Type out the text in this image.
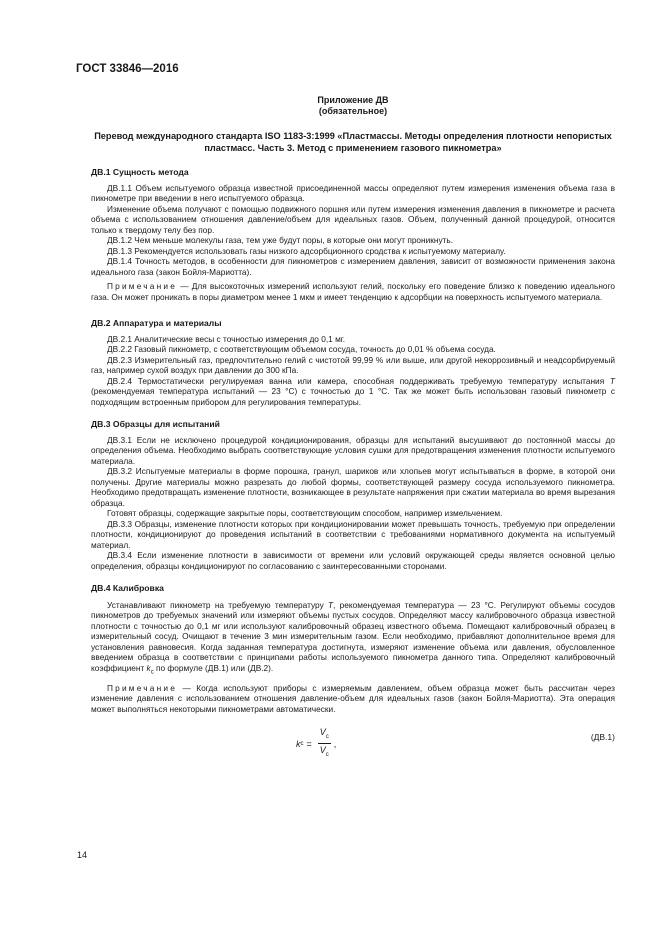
ГОСТ 33846—2016
Приложение ДВ
(обязательное)
Перевод международного стандарта ISO 1183-3:1999 «Пластмассы. Методы определения плотности непористых пластмасс. Часть 3. Метод с применением газового пикнометра»
ДВ.1 Сущность метода

ДВ.1.1 Объем испытуемого образца известной присоединенной массы определяют путем измерения изменения объема газа в пикнометре при введении в него испытуемого образца.

Изменение объема получают с помощью подвижного поршня или путем измерения изменения давления в пикнометре и расчета объема с использованием отношения давление/объем для идеальных газов. Объем, полученный данной процедурой, относится только к твердому телу без пор.

ДВ.1.2 Чем меньше молекулы газа, тем уже будут поры, в которые они могут проникнуть.

ДВ.1.3 Рекомендуется использовать газы низкого адсорбционного сродства к испытуемому материалу.

ДВ.1.4 Точность методов, в особенности для пикнометров с измерением давления, зависит от возможности применения закона идеального газа (закон Бойля-Мариотта).

Примечание — Для высокоточных измерений используют гелий, поскольку его поведение близко к поведению идеального газа. Он может проникать в поры диаметром менее 1 мкм и имеет тенденцию к адсорбции на поверхность испытуемого материала.

ДВ.2 Аппаратура и материалы

ДВ.2.1 Аналитические весы с точностью измерения до 0,1 мг.

ДВ.2.2 Газовый пикнометр, с соответствующим объемом сосуда, точность до 0,01 % объема сосуда.

ДВ.2.3 Измерительный газ, предпочтительно гелий с чистотой 99,99 % или выше, или другой некоррозивный и неадсорбируемый газ, например сухой воздух при давлении до 300 кПа.

ДВ.2.4 Термостатически регулируемая ванна или камера, способная поддерживать требуемую температуру испытания T (рекомендуемая температура испытаний — 23 °С) с точностью до 1 °С. Так же может быть использован газовый пикнометр с подходящим встроенным прибором для регулирования температуры.

ДВ.3 Образцы для испытаний

ДВ.3.1 Если не исключено процедурой кондиционирования, образцы для испытаний высушивают до постоянной массы до определения объема. Необходимо выбрать соответствующие условия сушки для предотвращения изменения плотности испытуемого материала.

ДВ.3.2 Испытуемые материалы в форме порошка, гранул, шариков или хлопьев могут испытываться в форме, в которой они получены. Другие материалы можно разрезать до любой формы, соответствующей размеру сосуда используемого пикнометра. Необходимо предотвращать изменение плотности, возникающее в результате напряжения при сжатии материала во время вырезания образца.

Готовят образцы, содержащие закрытые поры, соответствующим способом, например измельчением.

ДВ.3.3 Образцы, изменение плотности которых при кондиционировании может превышать точность, требуемую при определении плотности, кондиционируют до проведения испытаний в соответствии с требованиями нормативного документа на испытуемый материал.

ДВ.3.4 Если изменение плотности в зависимости от времени или условий окружающей среды является основной целью определения, образцы кондиционируют по согласованию с заинтересованными сторонами.

ДВ.4 Калибровка

Устанавливают пикнометр на требуемую температуру T, рекомендуемая температура — 23 °С. Регулируют объемы сосудов пикнометров до требуемых значений или измеряют объемы пустых сосудов. Определяют массу калибровочного образца известной плотности с точностью до 0,1 мг или используют калибровочный образец известного объема. Помещают калибровочный образец в измерительный сосуд. Очищают в течение 3 мин измерительным газом. Если необходимо, прибавляют дополнительное время для установления равновесия. Когда заданная температура достигнута, измеряют изменение объема или давления, обусловленное введением образца в соответствии с принципами работы используемого пикнометра данного типа. Определяют калибровочный коэффициент $k_c$ по формуле (ДВ.1) или (ДВ.2).

Примечание — Когда используют приборы с измеряемым давлением, объем образца может быть рассчитан через изменение давления с использованием отношения давление-объем для идеальных газов (закон Бойля-Мариотта). Эта операция может выполняться некоторыми пикнометрами автоматически.

k $c = \frac{V_c}{V_c}$ ,
(ДВ.1)
14
